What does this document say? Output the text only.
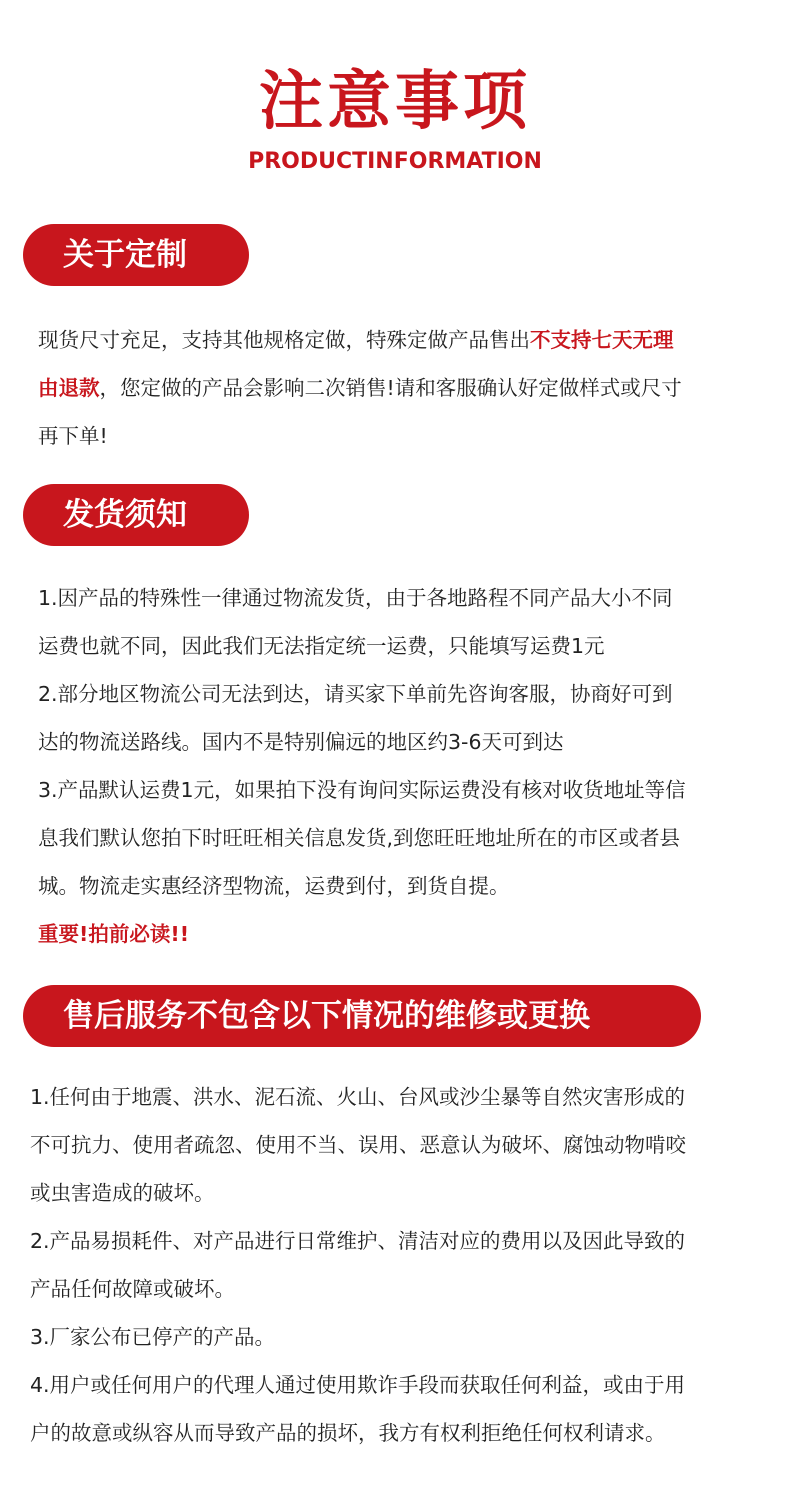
注意事项
PRODUCTINFORMATION
关于定制
现货尺寸充足，支持其他规格定做，特殊定做产品售出不支持七天无理
由退款，您定做的产品会影响二次销售!请和客服确认好定做样式或尺寸
再下单!
发货须知
1.因产品的特殊性一律通过物流发货，由于各地路程不同产品大小不同
运费也就不同，因此我们无法指定统一运费，只能填写运费1元
2.部分地区物流公司无法到达，请买家下单前先咨询客服，协商好可到
达的物流送路线。国内不是特别偏远的地区约3-6天可到达
3.产品默认运费1元，如果拍下没有询问实际运费没有核对收货地址等信
息我们默认您拍下时旺旺相关信息发货,到您旺旺地址所在的市区或者县
城。物流走实惠经济型物流，运费到付，到货自提。
重要!拍前必读!!
售后服务不包含以下情况的维修或更换
1.任何由于地震、洪水、泥石流、火山、台风或沙尘暴等自然灾害形成的
不可抗力、使用者疏忽、使用不当、误用、恶意认为破坏、腐蚀动物啃咬
或虫害造成的破坏。
2.产品易损耗件、对产品进行日常维护、清洁对应的费用以及因此导致的
产品任何故障或破坏。
3.厂家公布已停产的产品。
4.用户或任何用户的代理人通过使用欺诈手段而获取任何利益，或由于用
户的故意或纵容从而导致产品的损坏，我方有权利拒绝任何权利请求。
